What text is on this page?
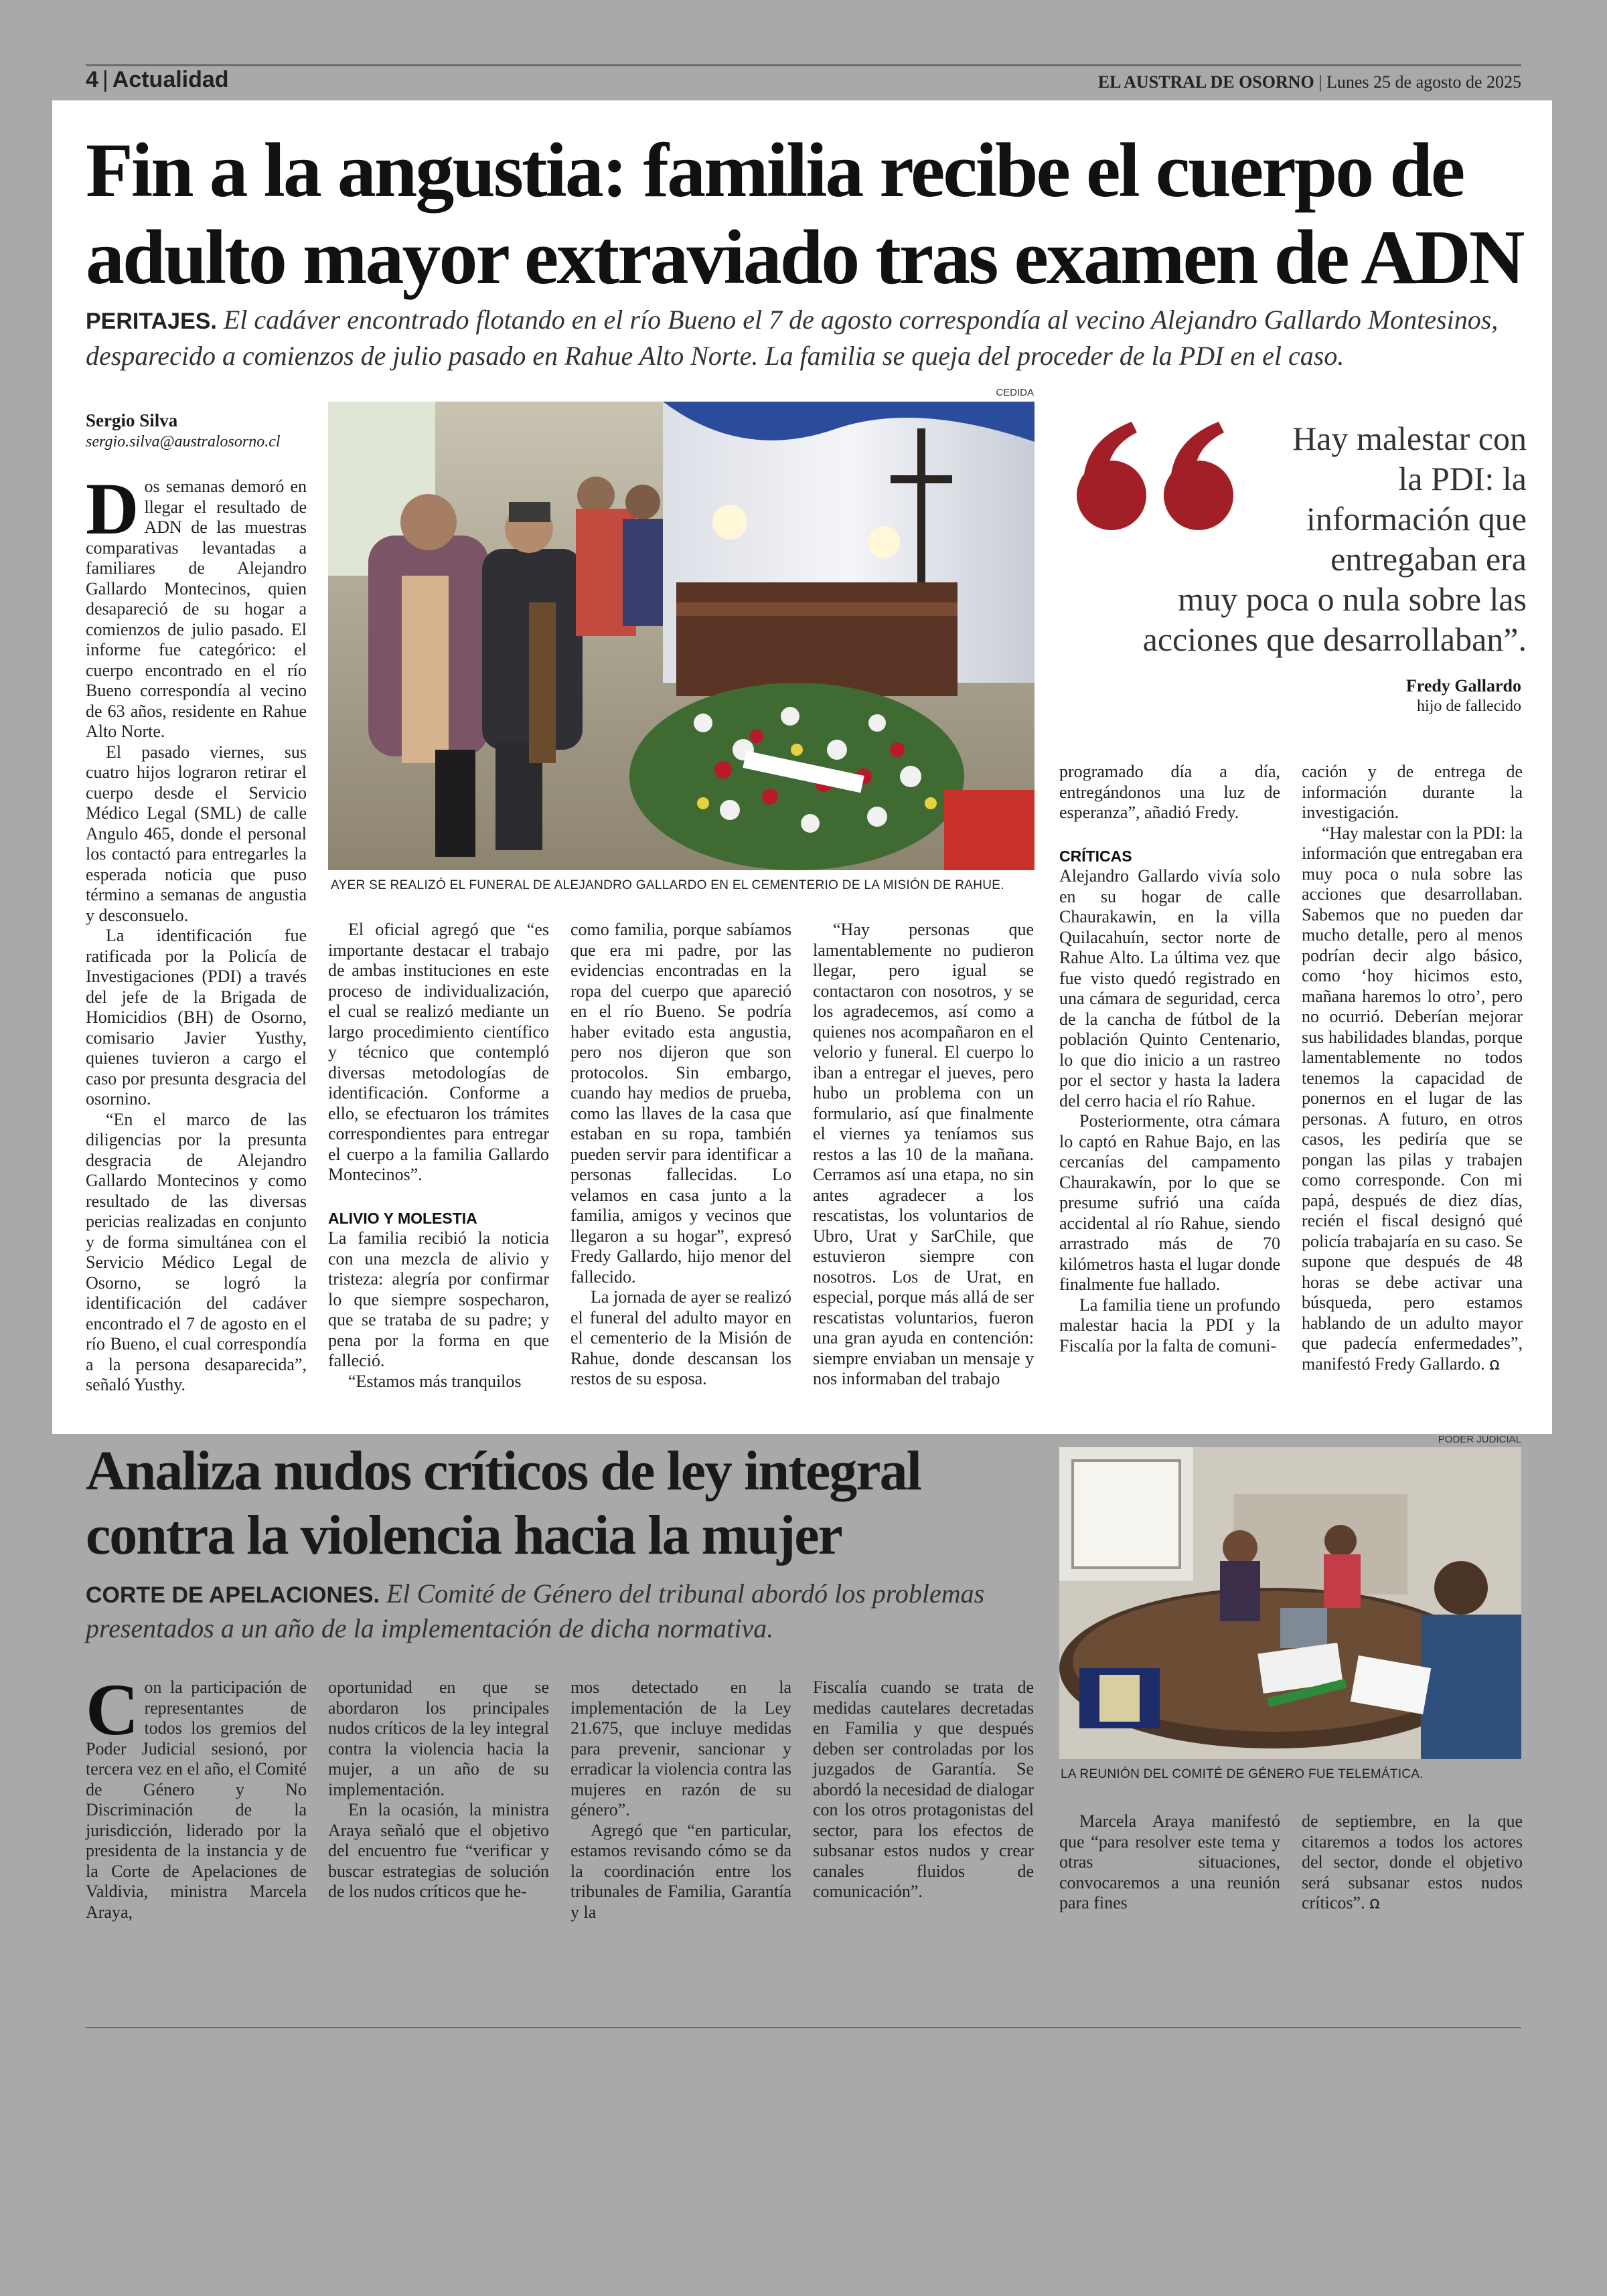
4 | Actualidad	EL AUSTRAL DE OSORNO | Lunes 25 de agosto de 2025
Fin a la angustia: familia recibe el cuerpo de adulto mayor extraviado tras examen de ADN
PERITAJES. El cadáver encontrado flotando en el río Bueno el 7 de agosto correspondía al vecino Alejandro Gallardo Montesinos, desparecido a comienzos de julio pasado en Rahue Alto Norte. La familia se queja del proceder de la PDI en el caso.
Sergio Silva
sergio.silva@australosorno.cl

Dos semanas demoró en llegar el resultado de ADN de las muestras comparativas levantadas a familiares de Alejandro Gallardo Montecinos, quien desapareció de su hogar a comienzos de julio pasado. El informe fue categórico: el cuerpo encontrado en el río Bueno correspondía al vecino de 63 años, residente en Rahue Alto Norte.

El pasado viernes, sus cuatro hijos lograron retirar el cuerpo desde el Servicio Médico Legal (SML) de calle Angulo 465, donde el personal los contactó para entregarles la esperada noticia que puso término a semanas de angustia y desconsuelo.

La identificación fue ratificada por la Policía de Investigaciones (PDI) a través del jefe de la Brigada de Homicidios (BH) de Osorno, comisario Javier Yusthy, quienes tuvieron a cargo el caso por presunta desgracia del osornino.

“En el marco de las diligencias por la presunta desgracia de Alejandro Gallardo Montecinos y como resultado de las diversas pericias realizadas en conjunto y de forma simultánea con el Servicio Médico Legal de Osorno, se logró la identificación del cadáver encontrado el 7 de agosto en el río Bueno, el cual correspondía a la persona desaparecida”, señaló Yusthy.

CEDIDA
AYER SE REALIZÓ EL FUNERAL DE ALEJANDRO GALLARDO EN EL CEMENTERIO DE LA MISIÓN DE RAHUE.
Hay malestar con la PDI: la información que entregaban era muy poca o nula sobre las acciones que desarrollaban”.
Fredy Gallardo
hijo de fallecido

El oficial agregó que “es importante destacar el trabajo de ambas instituciones en este proceso de individualización, el cual se realizó mediante un largo procedimiento científico y técnico que contempló diversas metodologías de identificación. Conforme a ello, se efectuaron los trámites correspondientes para entregar el cuerpo a la familia Gallardo Montecinos”.

ALIVIO Y MOLESTIA

La familia recibió la noticia con una mezcla de alivio y tristeza: alegría por confirmar lo que siempre sospecharon, que se trataba de su padre; y pena por la forma en que falleció.

“Estamos más tranquilos

como familia, porque sabíamos que era mi padre, por las evidencias encontradas en la ropa del cuerpo que apareció en el río Bueno. Se podría haber evitado esta angustia, pero nos dijeron que son protocolos. Sin embargo, cuando hay medios de prueba, como las llaves de la casa que estaban en su ropa, también pueden servir para identificar a personas fallecidas. Lo velamos en casa junto a la familia, amigos y vecinos que llegaron a su hogar”, expresó Fredy Gallardo, hijo menor del fallecido.

La jornada de ayer se realizó el funeral del adulto mayor en el cementerio de la Misión de Rahue, donde descansan los restos de su esposa.

“Hay personas que lamentablemente no pudieron llegar, pero igual se contactaron con nosotros, y se los agradecemos, así como a quienes nos acompañaron en el velorio y funeral. El cuerpo lo iban a entregar el jueves, pero hubo un problema con un formulario, así que finalmente el viernes ya teníamos sus restos a las 10 de la mañana. Cerramos así una etapa, no sin antes agradecer a los rescatistas, los voluntarios de Ubro, Urat y SarChile, que estuvieron siempre con nosotros. Los de Urat, en especial, porque más allá de ser rescatistas voluntarios, fueron una gran ayuda en contención: siempre enviaban un mensaje y nos informaban del trabajo

programado día a día, entregándonos una luz de esperanza”, añadió Fredy.

CRÍTICAS

Alejandro Gallardo vivía solo en su hogar de calle Chaurakawin, en la villa Quilacahuín, sector norte de Rahue Alto. La última vez que fue visto quedó registrado en una cámara de seguridad, cerca de la cancha de fútbol de la población Quinto Centenario, lo que dio inicio a un rastreo por el sector y hasta la ladera del cerro hacia el río Rahue.

Posteriormente, otra cámara lo captó en Rahue Bajo, en las cercanías del campamento Chaurakawín, por lo que se presume sufrió una caída accidental al río Rahue, siendo arrastrado más de 70 kilómetros hasta el lugar donde finalmente fue hallado.

La familia tiene un profundo malestar hacia la PDI y la Fiscalía por la falta de comuni-

cación y de entrega de información durante la investigación.

“Hay malestar con la PDI: la información que entregaban era muy poca o nula sobre las acciones que desarrollaban. Sabemos que no pueden dar mucho detalle, pero al menos podrían decir algo básico, como ‘hoy hicimos esto, mañana haremos lo otro’, pero no ocurrió. Deberían mejorar sus habilidades blandas, porque lamentablemente no todos tenemos la capacidad de ponernos en el lugar de las personas. A futuro, en otros casos, les pediría que se pongan las pilas y trabajen como corresponde. Con mi papá, después de diez días, recién el fiscal designó qué policía trabajaría en su caso. Se supone que después de 48 horas se debe activar una búsqueda, pero estamos hablando de un adulto mayor que padecía enfermedades”, manifestó Fredy Gallardo. ꭥ

Analiza nudos críticos de ley integral contra la violencia hacia la mujer
CORTE DE APELACIONES. El Comité de Género del tribunal abordó los problemas presentados a un año de la implementación de dicha normativa.
PODER JUDICIAL
LA REUNIÓN DEL COMITÉ DE GÉNERO FUE TELEMÁTICA.

Con la participación de representantes de todos los gremios del Poder Judicial sesionó, por tercera vez en el año, el Comité de Género y No Discriminación de la jurisdicción, liderado por la presidenta de la instancia y de la Corte de Apelaciones de Valdivia, ministra Marcela Araya,

oportunidad en que se abordaron los principales nudos críticos de la ley integral contra la violencia hacia la mujer, a un año de su implementación.

En la ocasión, la ministra Araya señaló que el objetivo del encuentro fue “verificar y buscar estrategias de solución de los nudos críticos que he-

mos detectado en la implementación de la Ley 21.675, que incluye medidas para prevenir, sancionar y erradicar la violencia contra las mujeres en razón de su género”.

Agregó que “en particular, estamos revisando cómo se da la coordinación entre los tribunales de Familia, Garantía y la

Fiscalía cuando se trata de medidas cautelares decretadas en Familia y que después deben ser controladas por los juzgados de Garantía. Se abordó la necesidad de dialogar con los otros protagonistas del sector, para los efectos de subsanar estos nudos y crear canales fluidos de comunicación”.

Marcela Araya manifestó que “para resolver este tema y otras situaciones, convocaremos a una reunión para fines

de septiembre, en la que citaremos a todos los actores del sector, donde el objetivo será subsanar estos nudos críticos”. ꭥ
